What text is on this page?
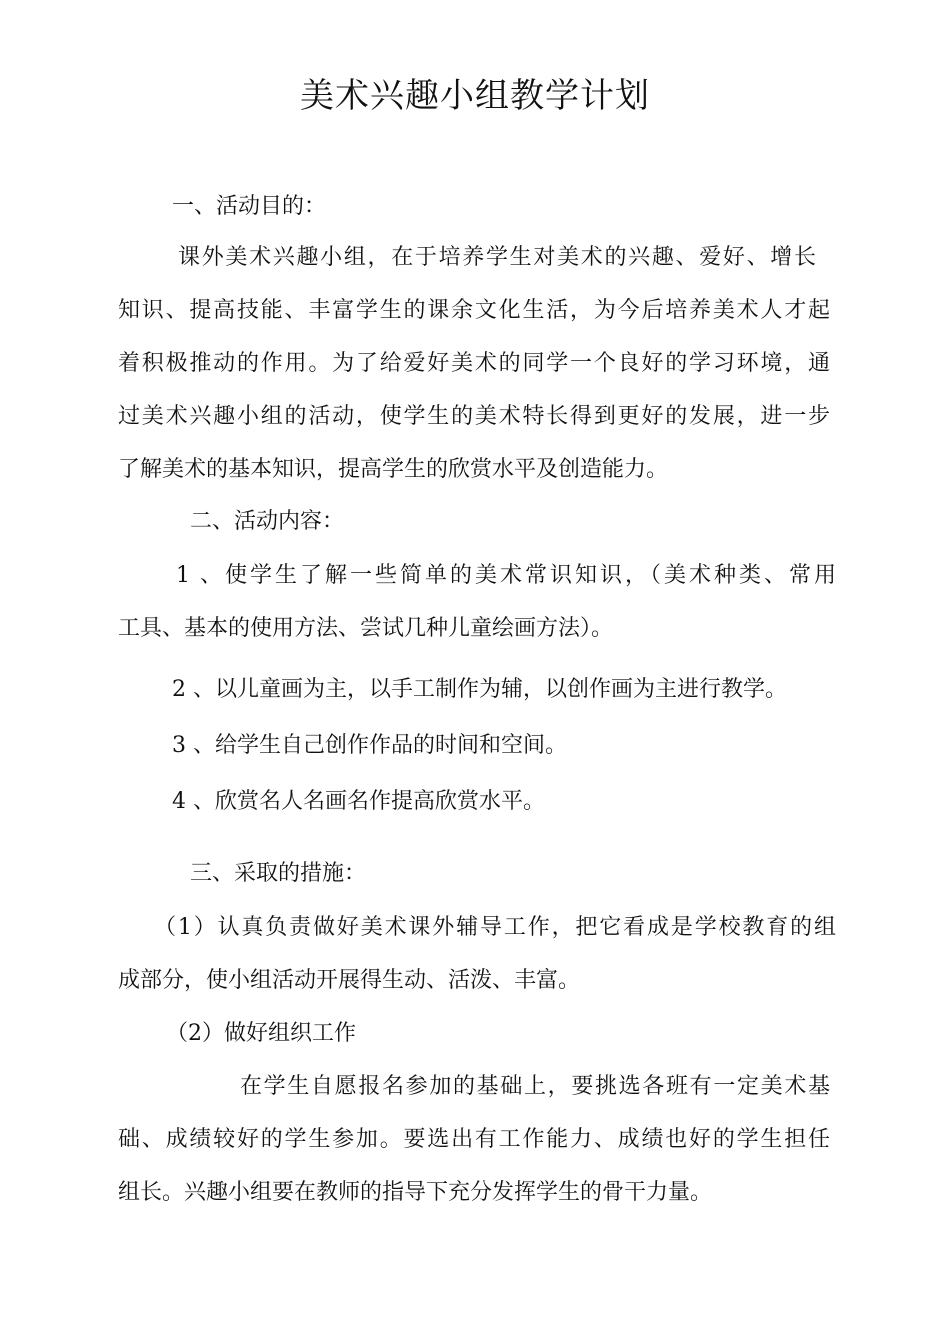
美术兴趣小组教学计划

一、活动目的：

课外美术兴趣小组，在于培养学生对美术的兴趣、爱好、增长

知识、提高技能、丰富学生的课余文化生活，为今后培养美术人才起

着积极推动的作用。为了给爱好美术的同学一个良好的学习环境，通

过美术兴趣小组的活动，使学生的美术特长得到更好的发展，进一步

了解美术的基本知识，提高学生的欣赏水平及创造能力。

二、活动内容：

1 、使学生了解一些简单的美术常识知识，（美术种类、常用

工具、基本的使用方法、尝试几种儿童绘画方法）。

2 、以儿童画为主，以手工制作为辅，以创作画为主进行教学。

3 、给学生自己创作作品的时间和空间。

4 、欣赏名人名画名作提高欣赏水平。

三、采取的措施：

（1）认真负责做好美术课外辅导工作，把它看成是学校教育的组

成部分，使小组活动开展得生动、活泼、丰富。

（2）做好组织工作

在学生自愿报名参加的基础上，要挑选各班有一定美术基

础、成绩较好的学生参加。要选出有工作能力、成绩也好的学生担任

组长。兴趣小组要在教师的指导下充分发挥学生的骨干力量。
